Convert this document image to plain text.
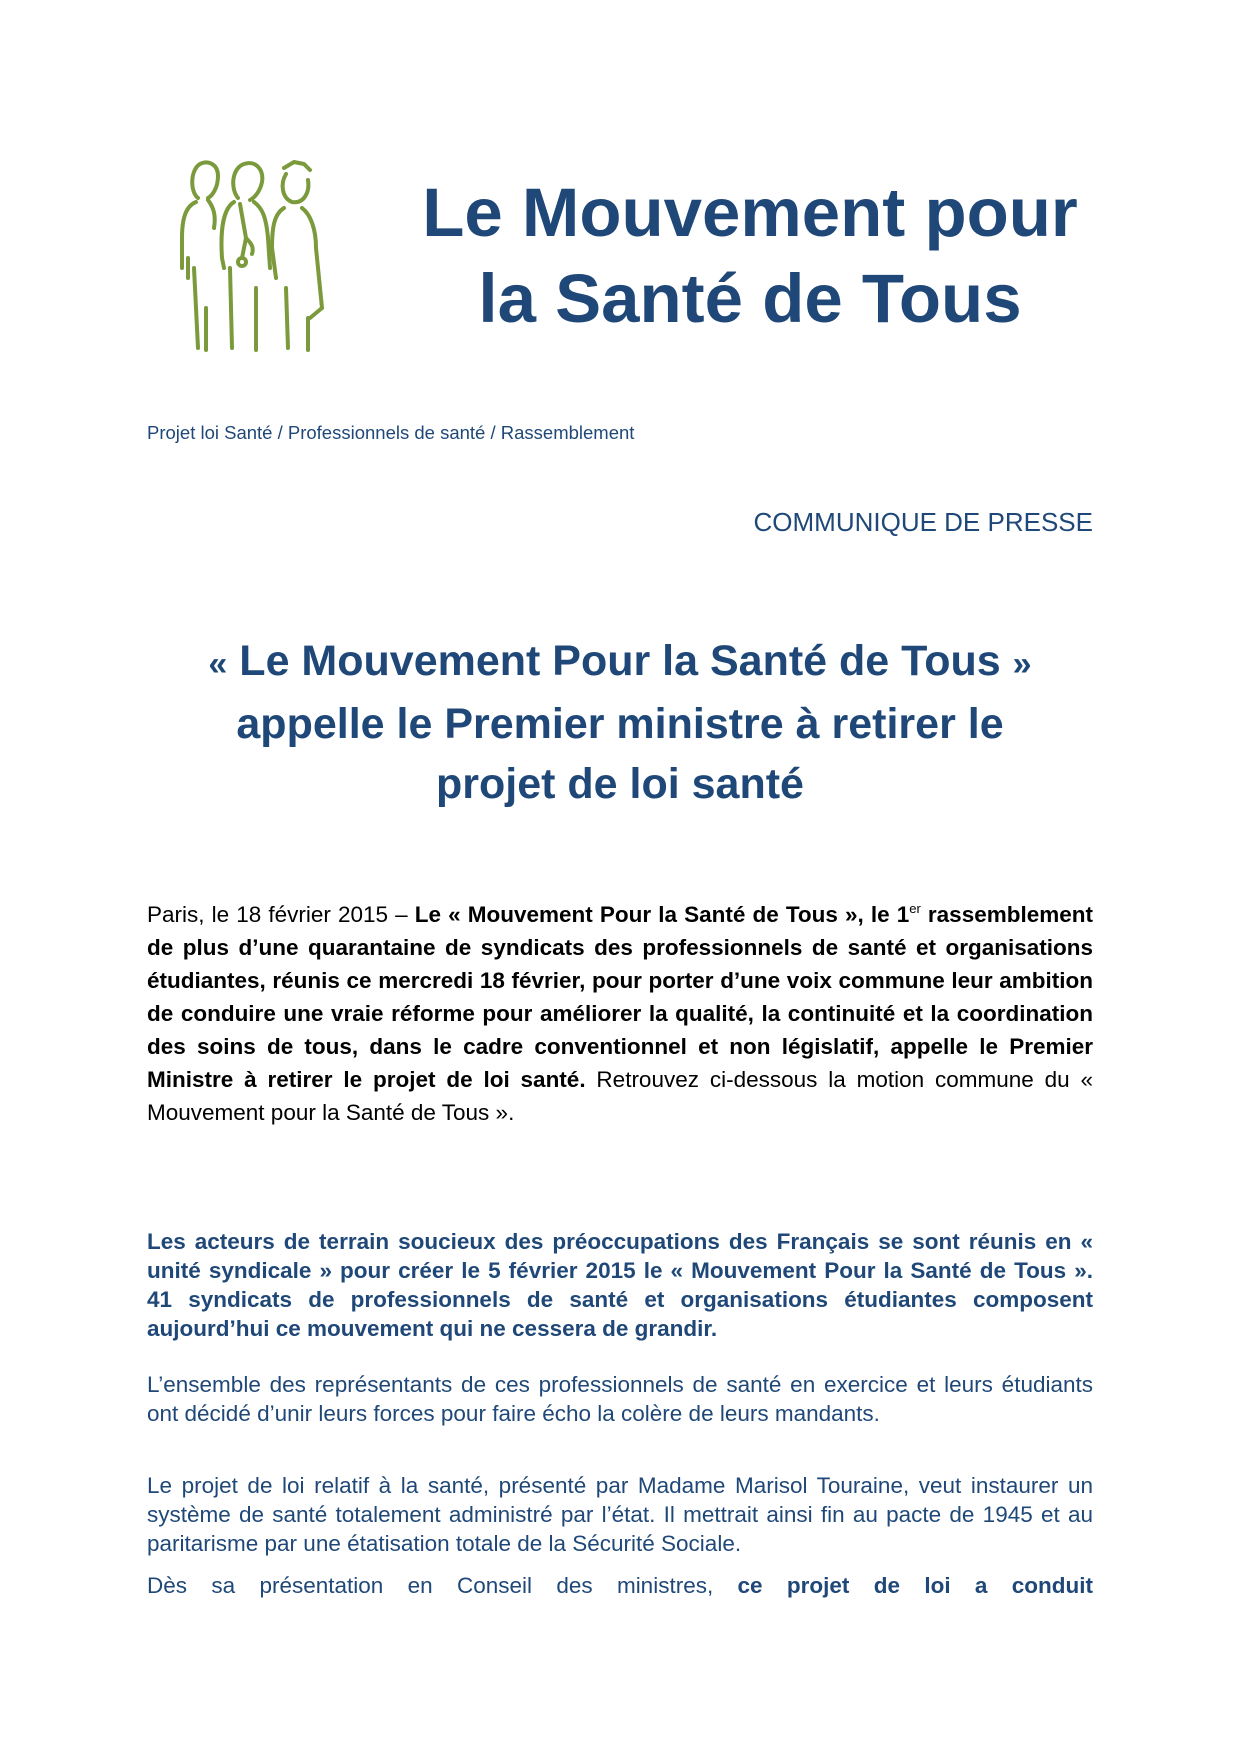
Le Mouvement pour
la Santé de Tous
Projet loi Santé / Professionnels de santé / Rassemblement
COMMUNIQUE DE PRESSE
« Le Mouvement Pour la Santé de Tous »
appelle le Premier ministre à retirer le
projet de loi santé

Paris, le 18 février 2015 – Le « Mouvement Pour la Santé de Tous », le 1er rassemblement de plus d’une quarantaine de syndicats des professionnels de santé et organisations étudiantes, réunis ce mercredi 18 février, pour porter d’une voix commune leur ambition de conduire une vraie réforme pour améliorer la qualité, la continuité et la coordination des soins de tous, dans le cadre conventionnel et non législatif, appelle le Premier Ministre à retirer le projet de loi santé. Retrouvez ci-dessous la motion commune du « Mouvement pour la Santé de Tous ».

Les acteurs de terrain soucieux des préoccupations des Français se sont réunis en « unité syndicale » pour créer le 5 février 2015 le « Mouvement Pour la Santé de Tous ». 41 syndicats de professionnels de santé et organisations étudiantes composent aujourd’hui ce mouvement qui ne cessera de grandir.

L’ensemble des représentants de ces professionnels de santé en exercice et leurs étudiants ont décidé d’unir leurs forces pour faire écho la colère de leurs mandants.

Le projet de loi relatif à la santé, présenté par Madame Marisol Touraine, veut instaurer un système de santé totalement administré par l’état. Il mettrait ainsi fin au pacte de 1945 et au paritarisme par une étatisation totale de la Sécurité Sociale.

Dès sa présentation en Conseil des ministres, ce projet de loi a conduit
